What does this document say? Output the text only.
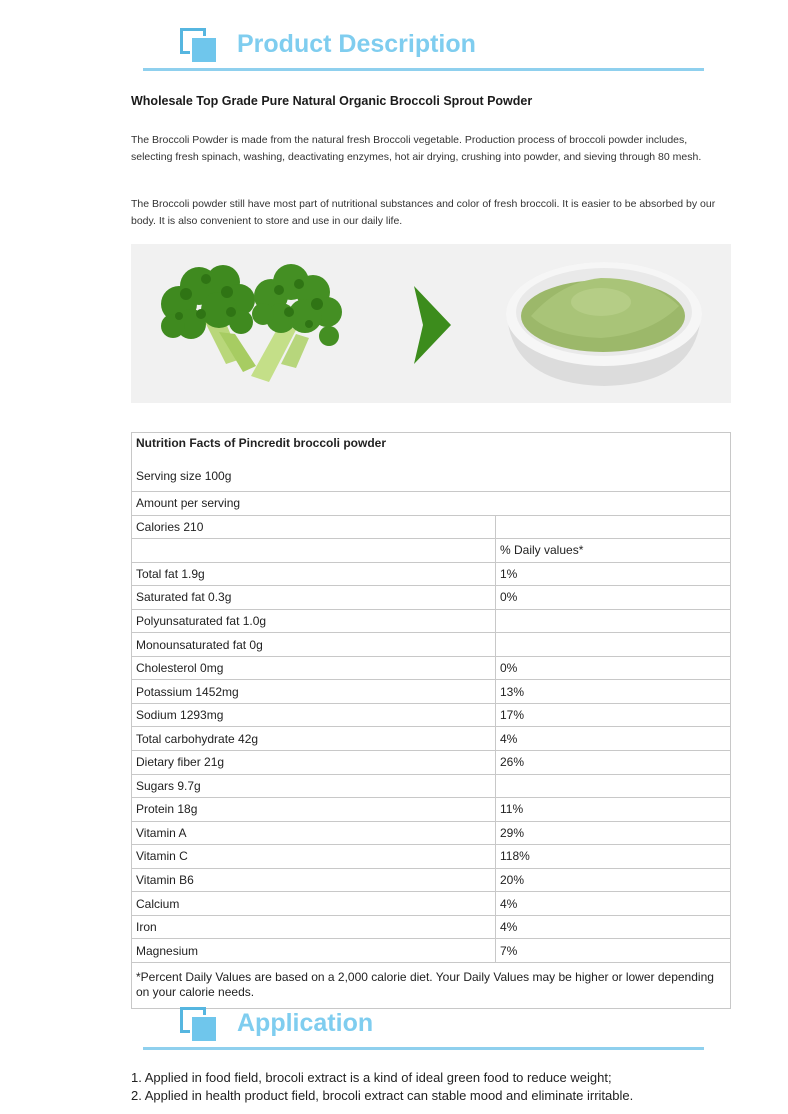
Product Description
Wholesale Top Grade Pure Natural Organic Broccoli Sprout Powder
The Broccoli Powder is made from the natural fresh Broccoli vegetable. Production process of broccoli powder includes, selecting fresh spinach, washing, deactivating enzymes, hot air drying, crushing into powder, and sieving through 80 mesh.
The Broccoli powder still have most part of nutritional substances and color of fresh broccoli. It is easier to be absorbed by our body. It is also convenient to store and use in our daily life.
Nutrition Facts of Pincredit broccoli powder
Serving size 100g	
Amount per serving	
Calories 210	
	% Daily values*
Total fat 1.9g	1%
Saturated fat 0.3g	0%
Polyunsaturated fat 1.0g	
Monounsaturated fat 0g	
Cholesterol 0mg	0%
Potassium 1452mg	13%
Sodium 1293mg	17%
Total carbohydrate 42g	4%
Dietary fiber 21g	26%
Sugars 9.7g	
Protein 18g	11%
Vitamin A	29%
Vitamin C	118%
Vitamin B6	20%
Calcium	4%
Iron	4%
Magnesium	7%
*Percent Daily Values are based on a 2,000 calorie diet. Your Daily Values may be higher or lower depending on your calorie needs.	
Application
1. Applied in food field, brocoli extract is a kind of ideal green food to reduce weight;
2. Applied in health product field, brocoli extract can stable mood and eliminate irritable.
